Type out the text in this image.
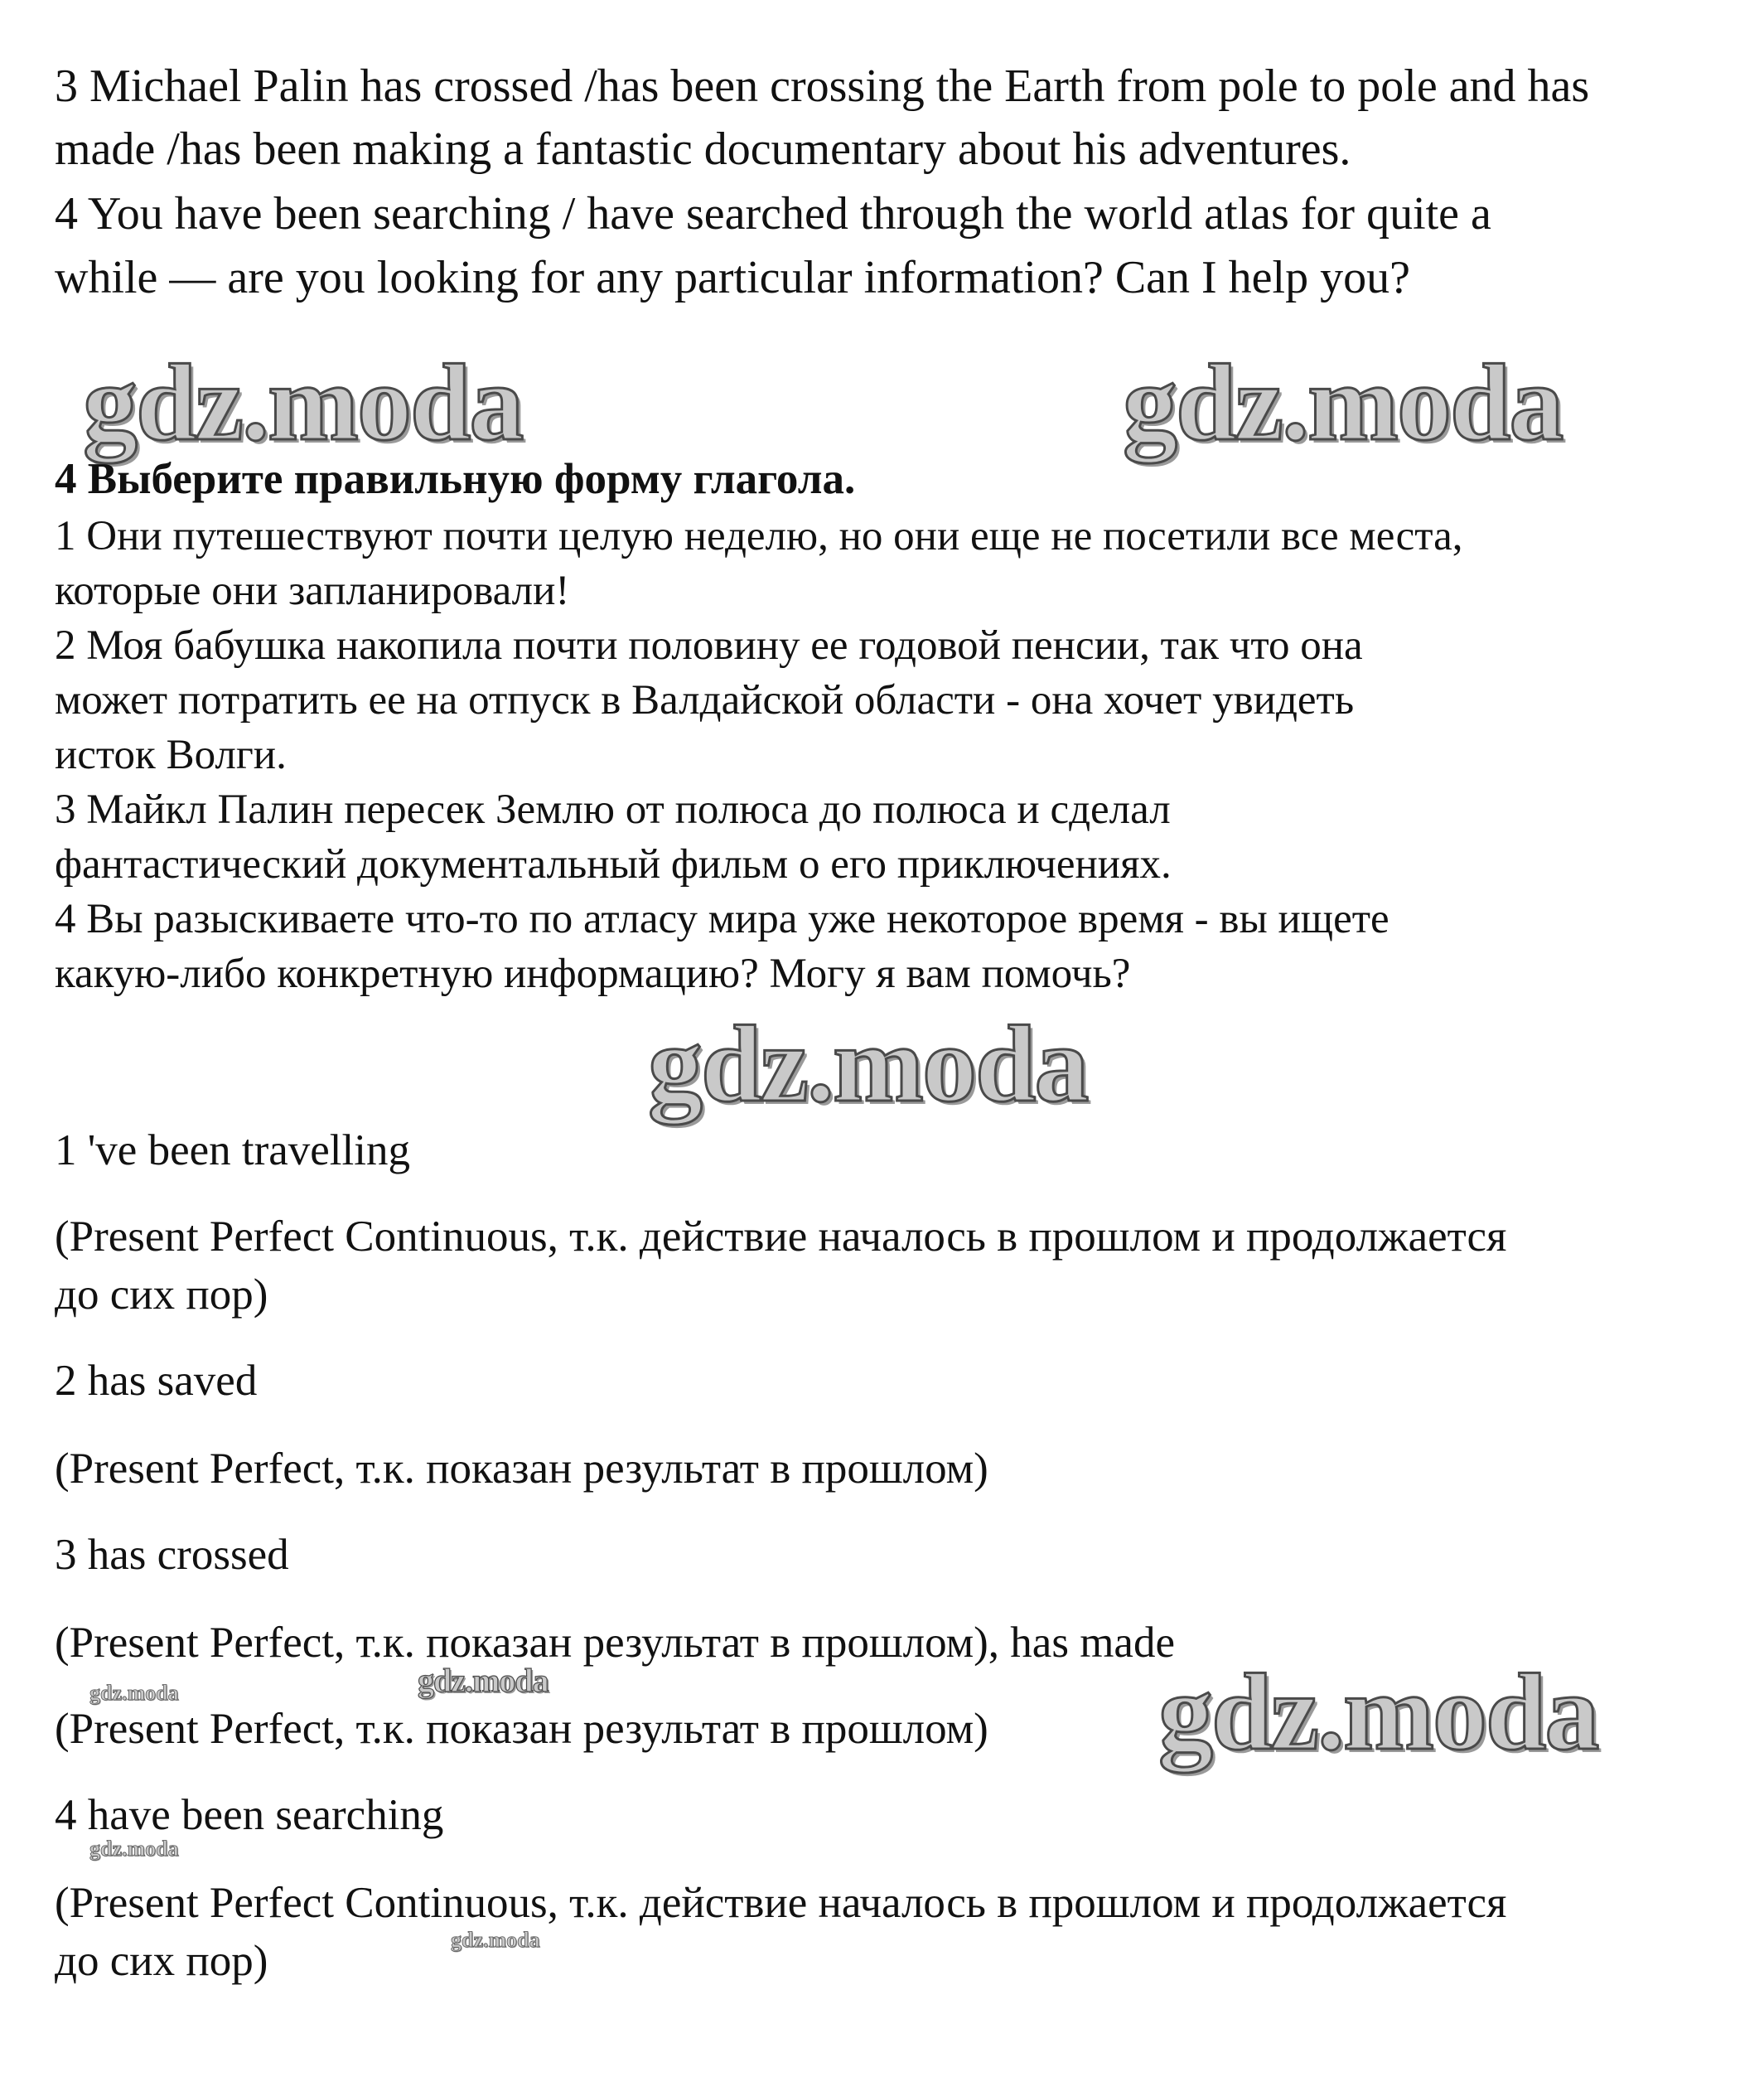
3 Michael Palin has crossed /has been crossing the Earth from pole to pole and has

made /has been making a fantastic documentary about his adventures.

4 You have been searching / have searched through the world atlas for quite a

while — are you looking for any particular information? Can I help you?

gdz.moda	gdz.moda

4 Выберите правильную форму глагола.

1 Они путешествуют почти целую неделю, но они еще не посетили все места,

которые они запланировали!

2 Моя бабушка накопила почти половину ее годовой пенсии, так что она

может потратить ее на отпуск в Валдайской области - она хочет увидеть

исток Волги.

3 Майкл Палин пересек Землю от полюса до полюса и сделал

фантастический документальный фильм о его приключениях.

4 Вы разыскиваете что-то по атласу мира уже некоторое время - вы ищете

какую-либо конкретную информацию? Могу я вам помочь?

gdz.moda

1 've been travelling

(Present Perfect Continuous, т.к. действие началось в прошлом и продолжается

до сих пор)

2 has saved

(Present Perfect, т.к. показан результат в прошлом)

3 has crossed

(Present Perfect, т.к. показан результат в прошлом), has made

(Present Perfect, т.к. показан результат в прошлом)

4 have been searching

(Present Perfect Continuous, т.к. действие началось в прошлом и продолжается

до сих пор)

gdz.moda	gdz.moda	gdz.moda
gdz.moda
gdz.moda
